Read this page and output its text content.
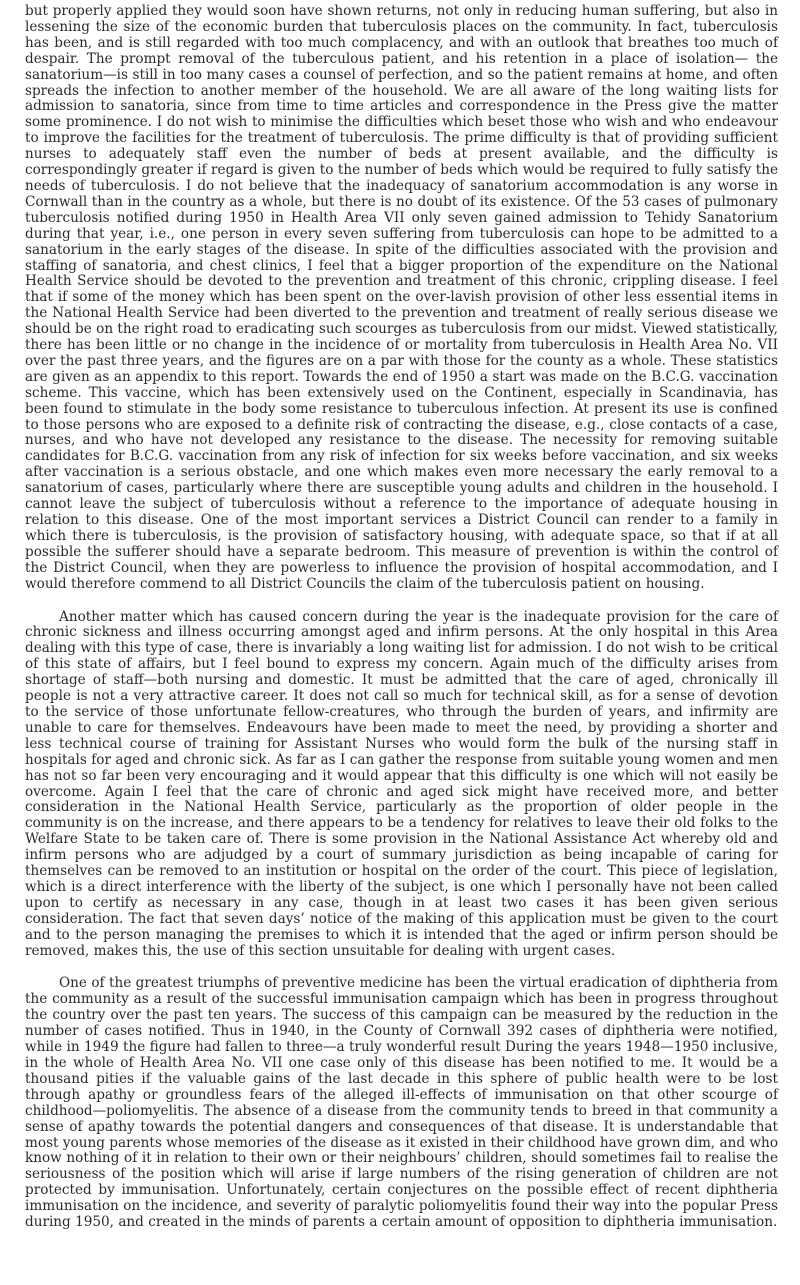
but properly applied they would soon have shown returns, not only in reducing human suffering, but also in lessening the size of the economic burden that tuberculosis places on the community. In fact, tuberculosis has been, and is still regarded with too much complacency, and with an outlook that breathes too much of despair. The prompt removal of the tuberculous patient, and his retention in a place of isolation— the sanatorium—is still in too many cases a counsel of perfection, and so the patient remains at home, and often spreads the infection to another member of the household. We are all aware of the long waiting lists for admission to sanatoria, since from time to time articles and correspondence in the Press give the matter some prominence. I do not wish to minimise the difficulties which beset those who wish and who endeavour to improve the facilities for the treatment of tuberculosis. The prime difficulty is that of providing sufficient nurses to adequately staff even the number of beds at present available, and the difficulty is correspondingly greater if regard is given to the number of beds which would be required to fully satisfy the needs of tuberculosis. I do not believe that the inadequacy of sanatorium accommodation is any worse in Cornwall than in the country as a whole, but there is no doubt of its existence. Of the 53 cases of pulmonary tuberculosis notified during 1950 in Health Area VII only seven gained admission to Tehidy Sanatorium during that year, i.e., one person in every seven suffering from tuberculosis can hope to be admitted to a sanatorium in the early stages of the disease. In spite of the difficulties associated with the provision and staffing of sanatoria, and chest clinics, I feel that a bigger proportion of the expenditure on the National Health Service should be devoted to the prevention and treatment of this chronic, crippling disease. I feel that if some of the money which has been spent on the over-lavish provision of other less essential items in the National Health Service had been diverted to the prevention and treatment of really serious disease we should be on the right road to eradicating such scourges as tuberculosis from our midst. Viewed statistically, there has been little or no change in the incidence of or mortality from tuberculosis in Health Area No. VII over the past three years, and the figures are on a par with those for the county as a whole. These statistics are given as an appendix to this report. Towards the end of 1950 a start was made on the B.C.G. vaccination scheme. This vaccine, which has been extensively used on the Continent, especially in Scandinavia, has been found to stimulate in the body some resistance to tuberculous infection. At present its use is confined to those persons who are exposed to a definite risk of contracting the disease, e.g., close contacts of a case, nurses, and who have not developed any resistance to the disease. The necessity for removing suitable candidates for B.C.G. vaccination from any risk of infection for six weeks before vaccination, and six weeks after vaccination is a serious obstacle, and one which makes even more necessary the early removal to a sanatorium of cases, particularly where there are susceptible young adults and children in the household. I cannot leave the subject of tuberculosis without a reference to the importance of adequate housing in relation to this disease. One of the most important services a District Council can render to a family in which there is tuberculosis, is the provision of satisfactory housing, with adequate space, so that if at all possible the sufferer should have a separate bedroom. This measure of prevention is within the control of the District Council, when they are powerless to influence the provision of hospital accommodation, and I would therefore commend to all District Councils the claim of the tuberculosis patient on housing.

Another matter which has caused concern during the year is the inadequate provision for the care of chronic sickness and illness occurring amongst aged and infirm persons. At the only hospital in this Area dealing with this type of case, there is invariably a long waiting list for admission. I do not wish to be critical of this state of affairs, but I feel bound to express my concern. Again much of the difficulty arises from shortage of staff—both nursing and domestic. It must be admitted that the care of aged, chronically ill people is not a very attractive career. It does not call so much for technical skill, as for a sense of devotion to the service of those unfortunate fellow-creatures, who through the burden of years, and infirmity are unable to care for themselves. Endeavours have been made to meet the need, by providing a shorter and less technical course of training for Assistant Nurses who would form the bulk of the nursing staff in hospitals for aged and chronic sick. As far as I can gather the response from suitable young women and men has not so far been very encouraging and it would appear that this difficulty is one which will not easily be overcome. Again I feel that the care of chronic and aged sick might have received more, and better consideration in the National Health Service, particularly as the proportion of older people in the community is on the increase, and there appears to be a tendency for relatives to leave their old folks to the Welfare State to be taken care of. There is some provision in the National Assistance Act whereby old and infirm persons who are adjudged by a court of summary jurisdiction as being incapable of caring for themselves can be removed to an institution or hospital on the order of the court. This piece of legislation, which is a direct interference with the liberty of the subject, is one which I personally have not been called upon to certify as necessary in any case, though in at least two cases it has been given serious consideration. The fact that seven days’ notice of the making of this application must be given to the court and to the person managing the premises to which it is intended that the aged or infirm person should be removed, makes this, the use of this section unsuitable for dealing with urgent cases.

One of the greatest triumphs of preventive medicine has been the virtual eradication of diphtheria from the community as a result of the successful immunisation campaign which has been in progress throughout the country over the past ten years. The success of this campaign can be measured by the reduction in the number of cases notified. Thus in 1940, in the County of Cornwall 392 cases of diphtheria were notified, while in 1949 the figure had fallen to three—a truly wonderful result During the years 1948—1950 inclusive, in the whole of Health Area No. VII one case only of this disease has been notified to me. It would be a thousand pities if the valuable gains of the last decade in this sphere of public health were to be lost through apathy or groundless fears of the alleged ill-effects of immunisation on that other scourge of childhood—poliomyelitis. The absence of a disease from the community tends to breed in that community a sense of apathy towards the potential dangers and consequences of that disease. It is understandable that most young parents whose memories of the disease as it existed in their childhood have grown dim, and who know nothing of it in relation to their own or their neighbours’ children, should sometimes fail to realise the seriousness of the position which will arise if large numbers of the rising generation of children are not protected by immunisation. Unfortunately, certain conjectures on the possible effect of recent diphtheria immunisation on the incidence, and severity of paralytic poliomyelitis found their way into the popular Press during 1950, and created in the minds of parents a certain amount of opposition to diphtheria immunisation.
